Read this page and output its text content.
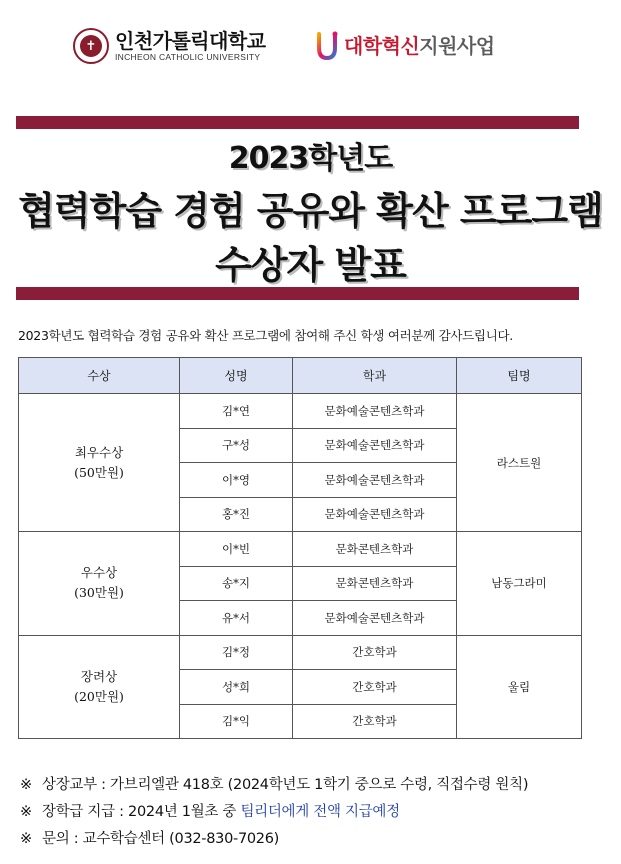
✝ 인천가톨릭대학교
INCHEON CATHOLIC UNIVERSITY	대학혁신지원사업
2023학년도
협력학습 경험 공유와 확산 프로그램
수상자 발표
2023학년도 협력학습 경험 공유와 확산 프로그램에 참여해 주신 학생 여러분께 감사드립니다.
수상	성명	학과	팀명

최우수상
(50만원)	김*연	문화예술콘텐츠학과	라스트원
	구*성	문화예술콘텐츠학과	
	이*영	문화예술콘텐츠학과	
	홍*진	문화예술콘텐츠학과	

우수상
(30만원)	이*빈	문화콘텐츠학과	남동그라미
	송*지	문화콘텐츠학과	
	유*서	문화예술콘텐츠학과	

장려상
(20만원)	김*정	간호학과	울림
	성*희	간호학과	
	김*익	간호학과	
※ 상장교부 : 가브리엘관 418호 (2024학년도 1학기 중으로 수령, 직접수령 원칙)
※ 장학급 지급 : 2024년 1월초 중 팀리더에게 전액 지급예정
※ 문의 : 교수학습센터 (032-830-7026)
